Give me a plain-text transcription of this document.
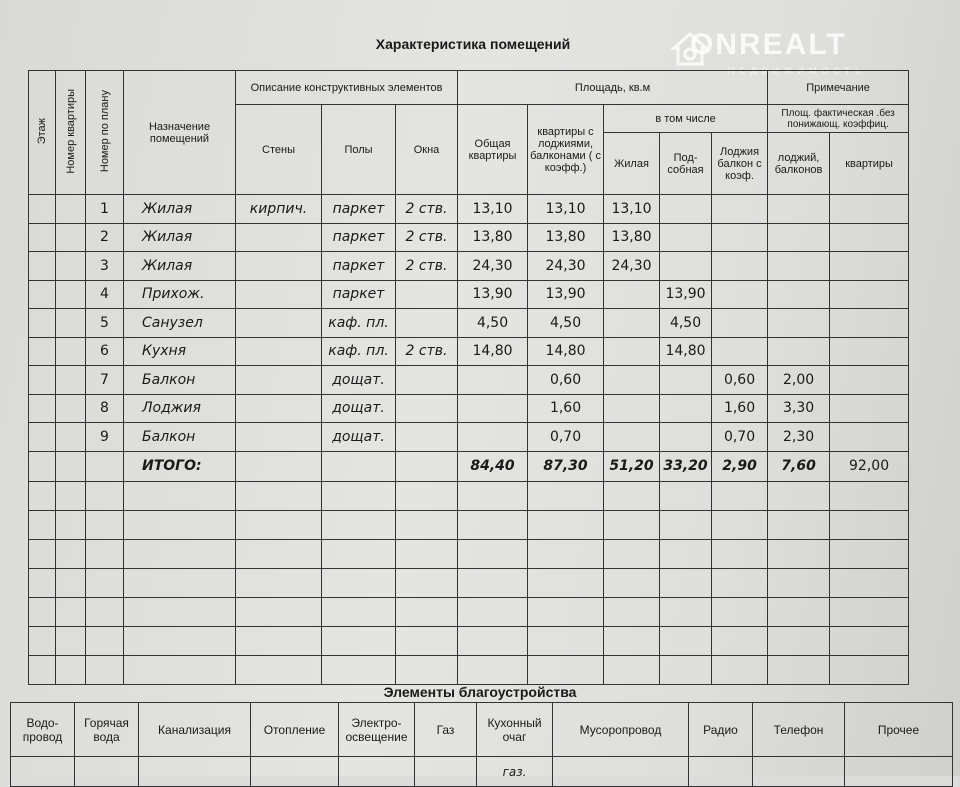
ONREALT
НЕДВИЖИМОСТЬ
Характеристика помещений
Этаж	Номер квартиры	Номер по плану	Назначение помещений	Описание конструктивных элементов			Площадь, кв.м					Примечание	
				Стены	Полы	Окна	Общая квартиры	квартиры с лоджиями, балконами ( с коэфф.)	в том числе			Площ. фактическая .без понижающ. коэффиц.	
									Жилая	Под-собная	Лоджия балкон с коэф.	лоджий, балконов	квартиры
		1	Жилая	кирпич.	паркет	2 ств.	13,10	13,10	13,10				
		2	Жилая		паркет	2 ств.	13,80	13,80	13,80				
		3	Жилая		паркет	2 ств.	24,30	24,30	24,30				
		4	Прихож.		паркет		13,90	13,90		13,90			
		5	Санузел		каф. пл.		4,50	4,50		4,50			
		6	Кухня		каф. пл.	2 ств.	14,80	14,80		14,80			
		7	Балкон		дощат.			0,60			0,60	2,00	
		8	Лоджия		дощат.			1,60			1,60	3,30	
		9	Балкон		дощат.			0,70			0,70	2,30	
			ИТОГО:				84,40	87,30	51,20	33,20	2,90	7,60	92,00

Элементы благоустройства
Водо-провод	Горячая вода	Канализация	Отопление	Электро-освещение	Газ	Кухонный очаг	Мусоропровод	Радио	Телефон	Прочее
						газ.				
